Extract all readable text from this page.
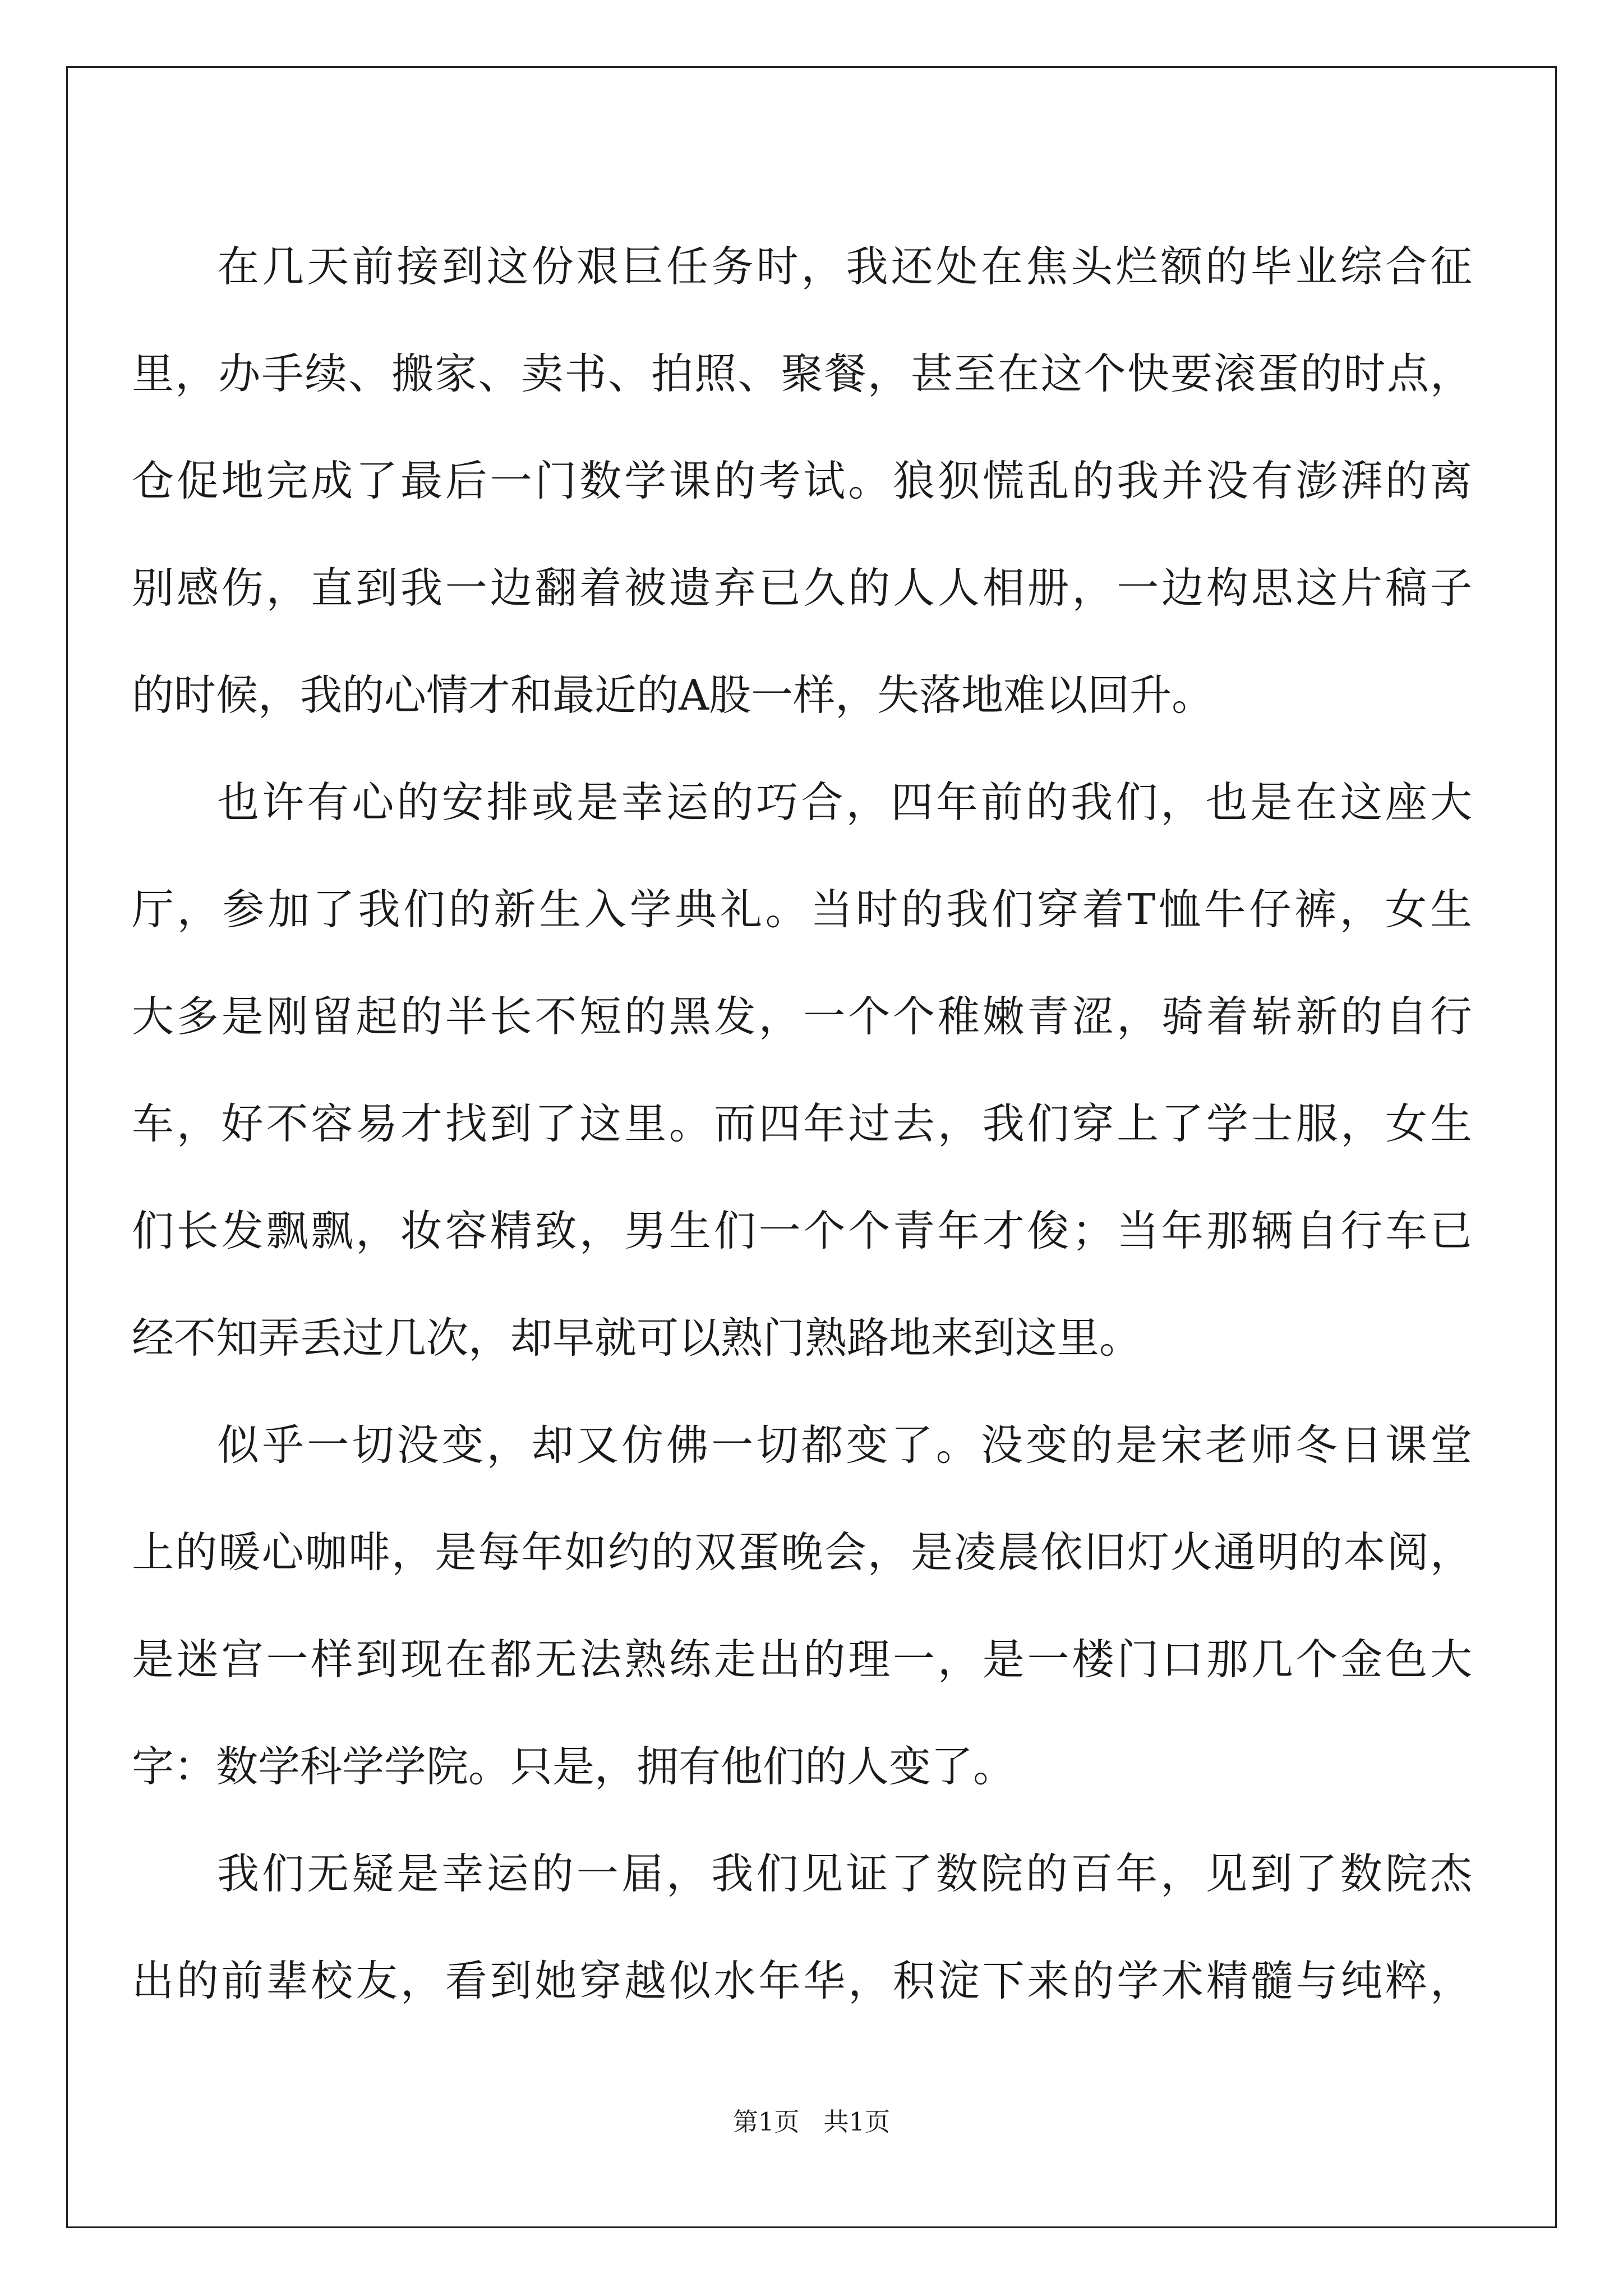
在几天前接到这份艰巨任务时，我还处在焦头烂额的毕业综合征
里，办手续、搬家、卖书、拍照、聚餐，甚至在这个快要滚蛋的时点，
仓促地完成了最后一门数学课的考试。狼狈慌乱的我并没有澎湃的离
别感伤，直到我一边翻着被遗弃已久的人人相册，一边构思这片稿子
的时候，我的心情才和最近的A股一样，失落地难以回升。
也许有心的安排或是幸运的巧合，四年前的我们，也是在这座大
厅，参加了我们的新生入学典礼。当时的我们穿着T恤牛仔裤，女生
大多是刚留起的半长不短的黑发，一个个稚嫩青涩，骑着崭新的自行
车，好不容易才找到了这里。而四年过去，我们穿上了学士服，女生
们长发飘飘，妆容精致，男生们一个个青年才俊；当年那辆自行车已
经不知弄丢过几次，却早就可以熟门熟路地来到这里。
似乎一切没变，却又仿佛一切都变了。没变的是宋老师冬日课堂
上的暖心咖啡，是每年如约的双蛋晚会，是凌晨依旧灯火通明的本阅，
是迷宫一样到现在都无法熟练走出的理一，是一楼门口那几个金色大
字：数学科学学院。只是，拥有他们的人变了。
我们无疑是幸运的一届，我们见证了数院的百年，见到了数院杰
出的前辈校友，看到她穿越似水年华，积淀下来的学术精髓与纯粹，
第1页   共1页
